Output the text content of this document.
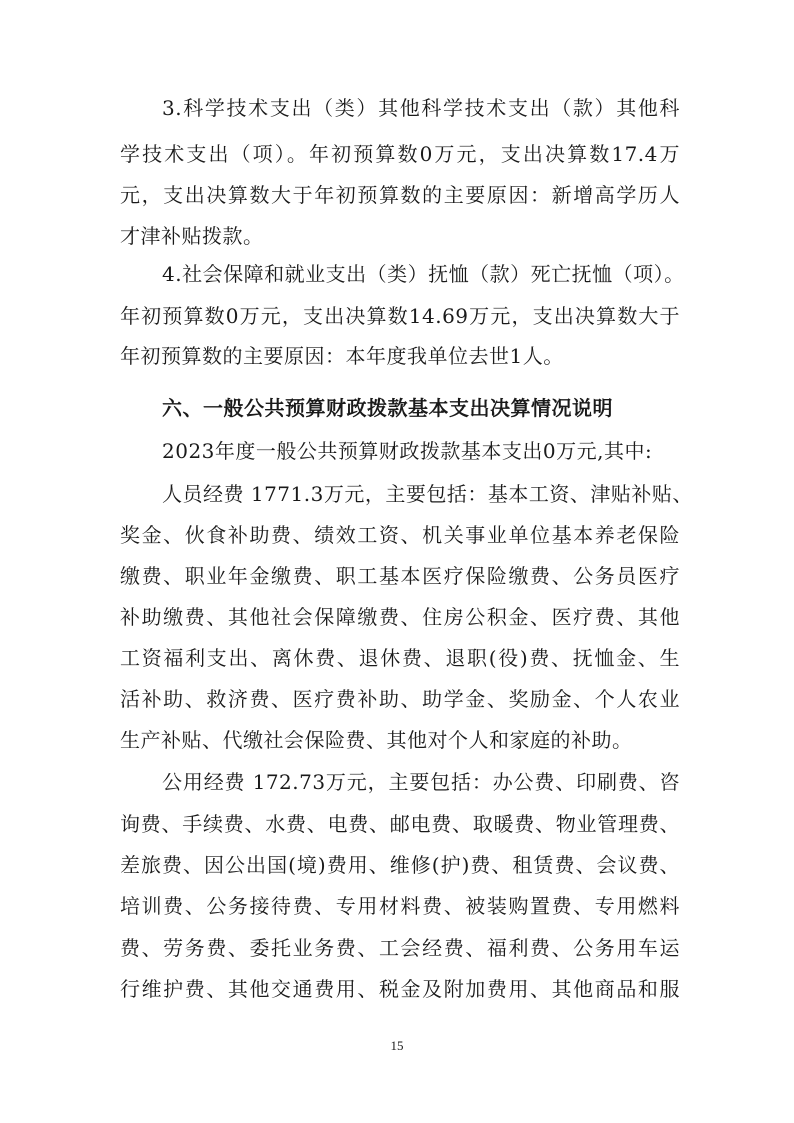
3.科学技术支出（类）其他科学技术支出（款）其他科
学技术支出（项）。年初预算数0万元，支出决算数17.4万
元，支出决算数大于年初预算数的主要原因：新增高学历人
才津补贴拨款。
4.社会保障和就业支出（类）抚恤（款）死亡抚恤（项）。
年初预算数0万元，支出决算数14.69万元，支出决算数大于
年初预算数的主要原因：本年度我单位去世1人。
六、一般公共预算财政拨款基本支出决算情况说明
2023年度一般公共预算财政拨款基本支出0万元,其中:
人员经费 1771.3万元，主要包括：基本工资、津贴补贴、
奖金、伙食补助费、绩效工资、机关事业单位基本养老保险
缴费、职业年金缴费、职工基本医疗保险缴费、公务员医疗
补助缴费、其他社会保障缴费、住房公积金、医疗费、其他
工资福利支出、离休费、退休费、退职(役)费、抚恤金、生
活补助、救济费、医疗费补助、助学金、奖励金、个人农业
生产补贴、代缴社会保险费、其他对个人和家庭的补助。
公用经费 172.73万元，主要包括：办公费、印刷费、咨
询费、手续费、水费、电费、邮电费、取暖费、物业管理费、
差旅费、因公出国(境)费用、维修(护)费、租赁费、会议费、
培训费、公务接待费、专用材料费、被装购置费、专用燃料
费、劳务费、委托业务费、工会经费、福利费、公务用车运
行维护费、其他交通费用、税金及附加费用、其他商品和服
15
